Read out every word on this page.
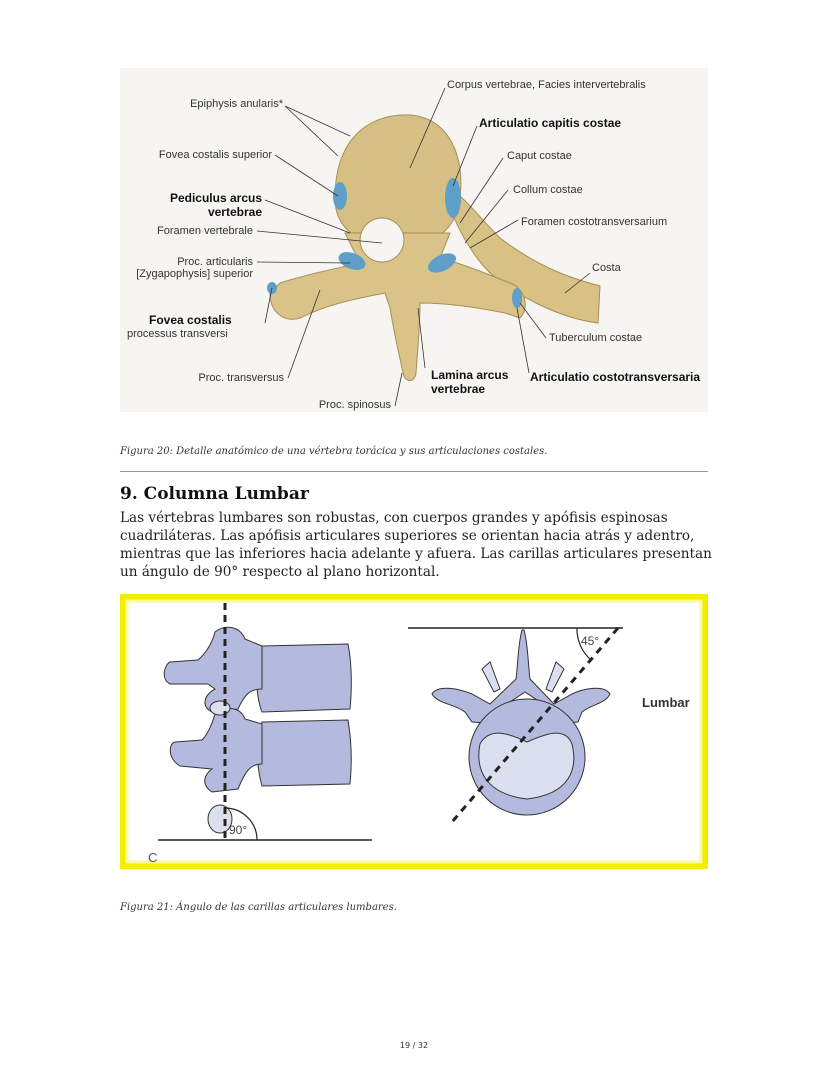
Corpus vertebrae, Facies intervertebralis
Epiphysis anularis*
Articulatio capitis costae
Fovea costalis superior	Caput costae
Collum costae
Pediculus arcus
vertebrae
Foramen costotransversarium
Foramen vertebrale
Proc. articularis
[Zygapophysis] superior	Costa
Fovea costalis
processus transversi	Tuberculum costae
Proc. transversus	Lamina arcus
vertebrae
Articulatio costotransversaria
Proc. spinosus
Figura 20: Detalle anatómico de una vértebra torácica y sus articulaciones costales.
9. Columna Lumbar

Las vértebras lumbares son robustas, con cuerpos grandes y apófisis espinosas cuadriláteras. Las apófisis articulares superiores se orientan hacia atrás y adentro, mientras que las inferiores hacia adelante y afuera. Las carillas articulares presentan un ángulo de 90° respecto al plano horizontal.

90°
C
45°
Lumbar
Figura 21: Ángulo de las carillas articulares lumbares.
19 / 32
